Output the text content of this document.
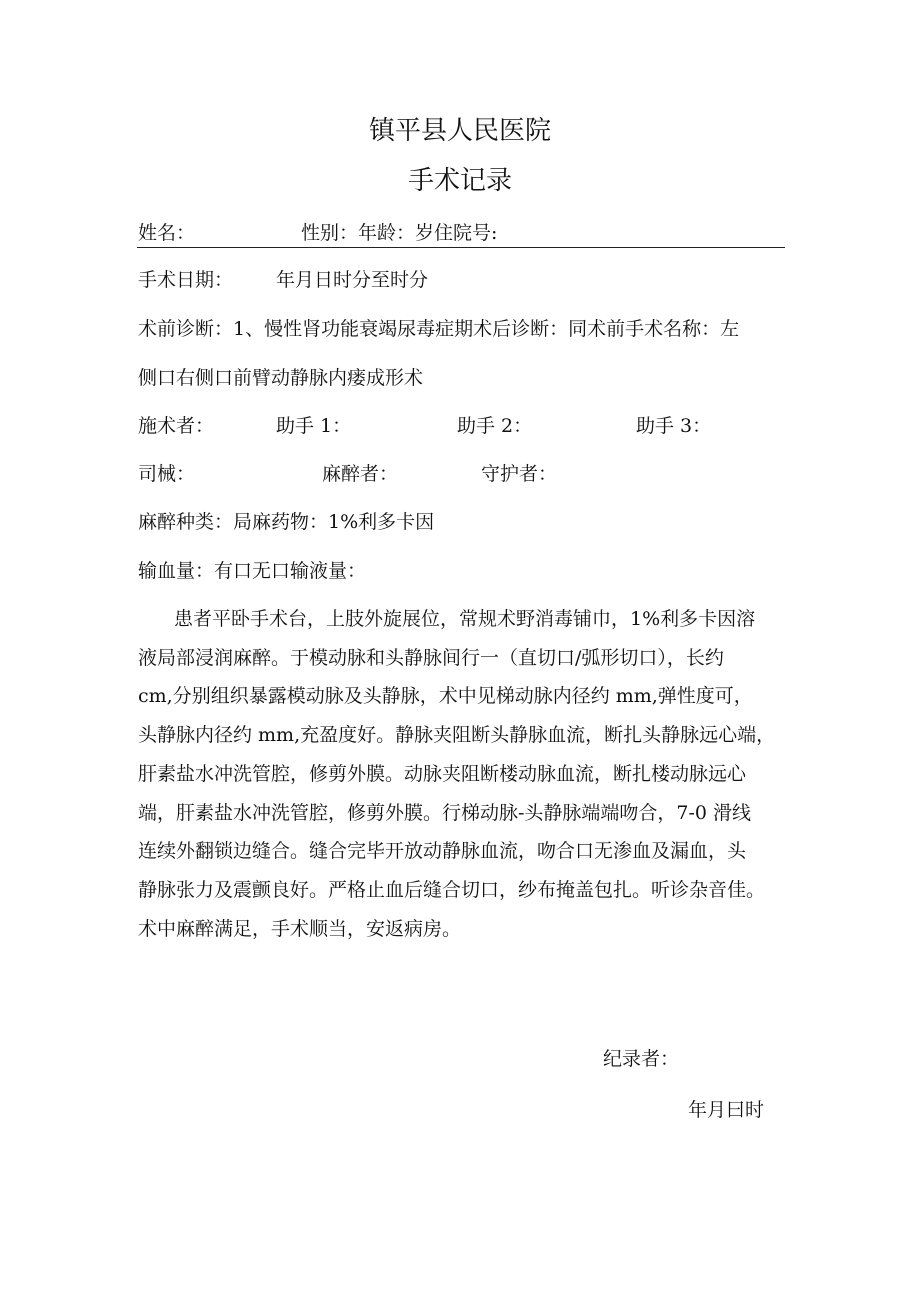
镇平县人民医院
手术记录
姓名：	性别：年龄：岁住院号:
手术日期： 年月日时分至时分
术前诊断：1、慢性肾功能衰竭尿毒症期术后诊断：同术前手术名称：左
侧口右侧口前臂动静脉内瘘成形术
施术者：	助手 1：	助手 2：	助手 3：
司械：	麻醉者：	守护者：
麻醉种类：局麻药物：1%利多卡因
输血量：有口无口输液量：
患者平卧手术台，上肢外旋展位，常规术野消毒铺巾，1%利多卡因溶
液局部浸润麻醉。于模动脉和头静脉间行一（直切口/弧形切口），长约
cm,分别组织暴露模动脉及头静脉，术中见梯动脉内径约 mm,弹性度可，
头静脉内径约 mm,充盈度好。静脉夹阻断头静脉血流，断扎头静脉远心端，
肝素盐水冲洗管腔，修剪外膜。动脉夹阻断楼动脉血流，断扎楼动脉远心
端，肝素盐水冲洗管腔，修剪外膜。行梯动脉-头静脉端端吻合，7-0 滑线
连续外翻锁边缝合。缝合完毕开放动静脉血流，吻合口无渗血及漏血，头
静脉张力及震颤良好。严格止血后缝合切口，纱布掩盖包扎。听诊杂音佳。
术中麻醉满足，手术顺当，安返病房。
纪录者：
年月曰时
